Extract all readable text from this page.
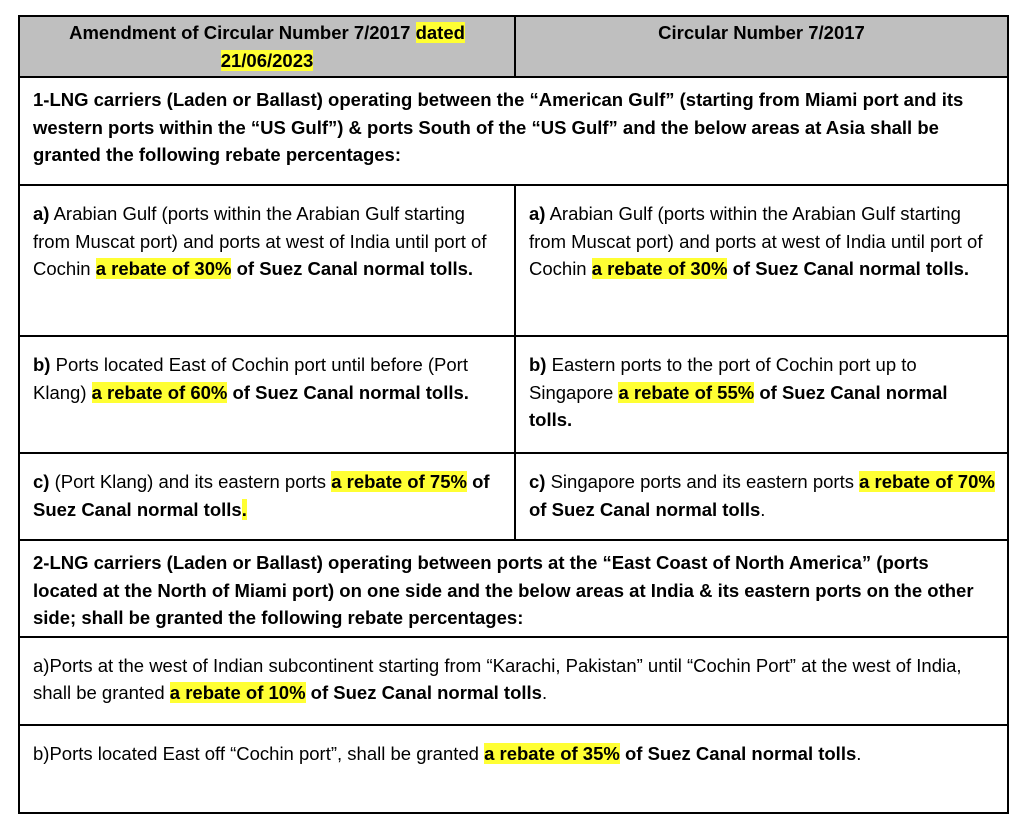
Amendment of Circular Number 7/2017 dated
21/06/2023	Circular Number 7/2017
1-LNG carriers (Laden or Ballast) operating between the “American Gulf” (starting from Miami port and its western ports within the “US Gulf”) & ports South of the “US Gulf” and the below areas at Asia shall be granted the following rebate percentages:	
a) Arabian Gulf (ports within the Arabian Gulf starting from Muscat port) and ports at west of India until port of Cochin a rebate of 30% of Suez Canal normal tolls.	a) Arabian Gulf (ports within the Arabian Gulf starting from Muscat port) and ports at west of India until port of Cochin a rebate of 30% of Suez Canal normal tolls.
b) Ports located East of Cochin port until before (Port Klang) a rebate of 60% of Suez Canal normal tolls.	b) Eastern ports to the port of Cochin port up to Singapore a rebate of 55% of Suez Canal normal tolls.
c) (Port Klang) and its eastern ports a rebate of 75% of Suez Canal normal tolls.	c) Singapore ports and its eastern ports a rebate of 70% of Suez Canal normal tolls.
2-LNG carriers (Laden or Ballast) operating between ports at the “East Coast of North America” (ports located at the North of Miami port) on one side and the below areas at India & its eastern ports on the other side; shall be granted the following rebate percentages:	
a)Ports at the west of Indian subcontinent starting from “Karachi, Pakistan” until “Cochin Port” at the west of India, shall be granted a rebate of 10% of Suez Canal normal tolls.	
b)Ports located East off “Cochin port”, shall be granted a rebate of 35% of Suez Canal normal tolls.	
